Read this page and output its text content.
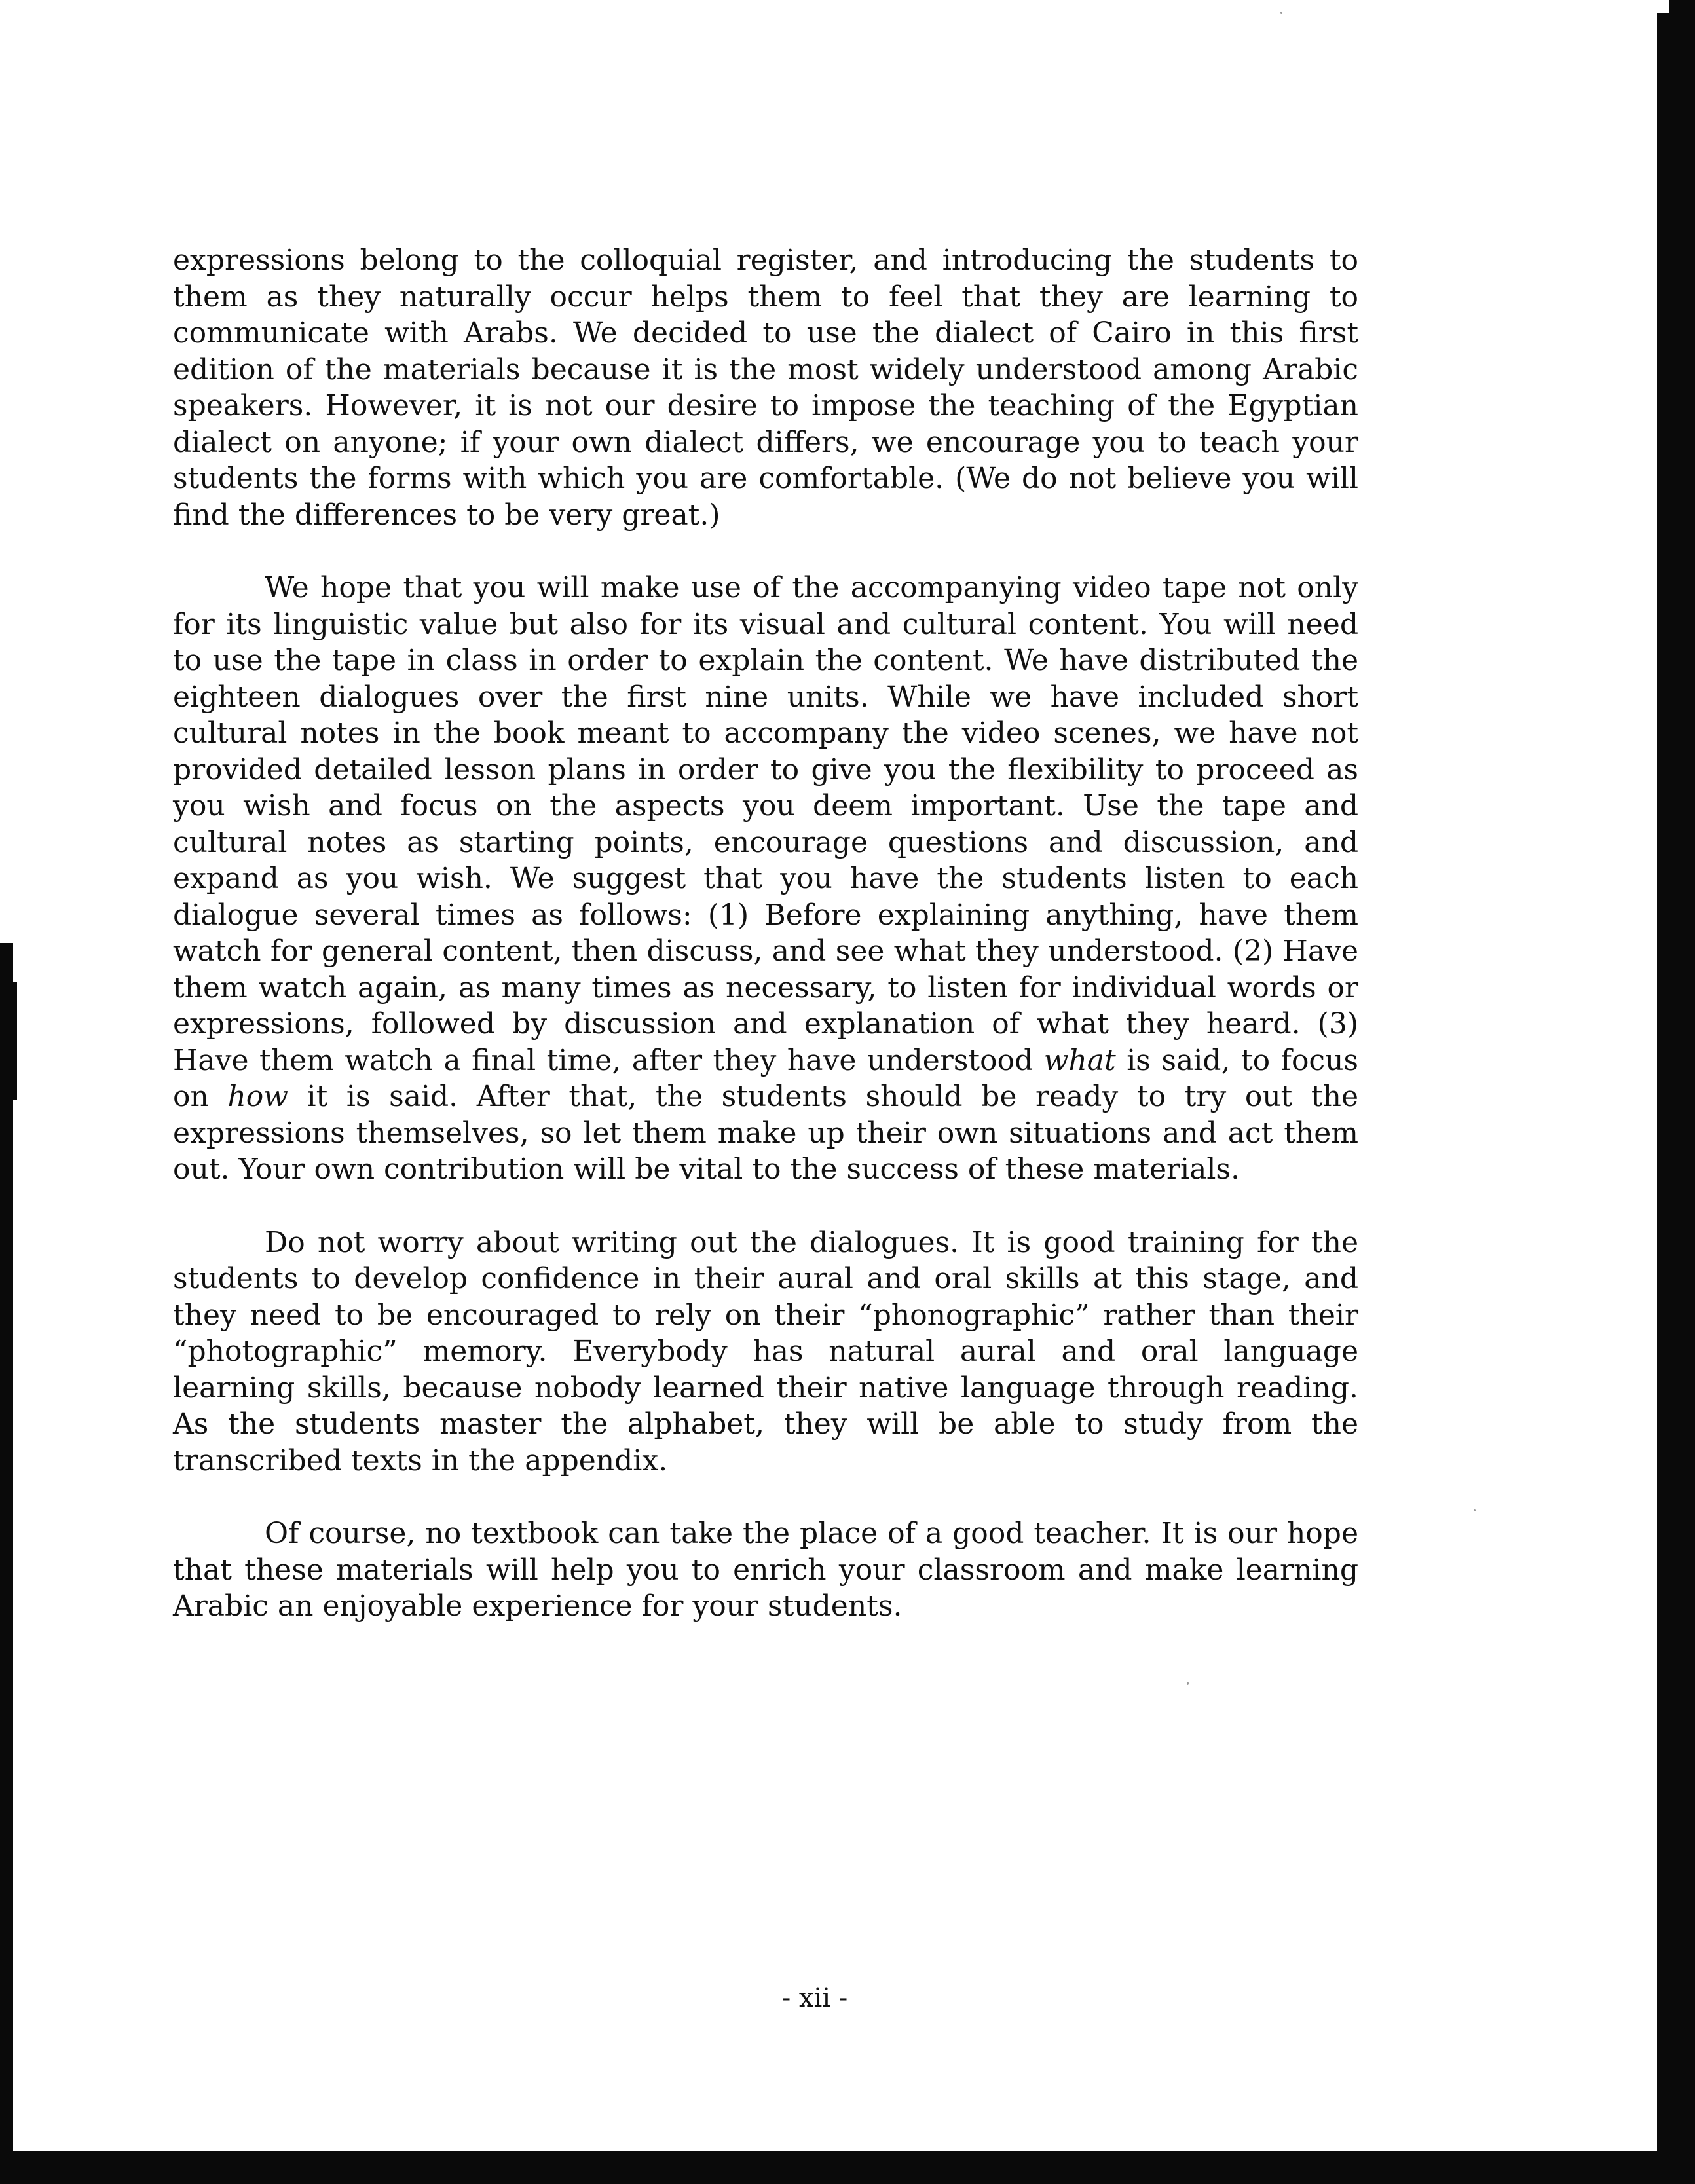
expressions belong to the colloquial register, and introducing the students to them as they naturally occur helps them to feel that they are learning to communicate with Arabs. We decided to use the dialect of Cairo in this first edition of the materials because it is the most widely understood among Arabic speakers. However, it is not our desire to impose the teaching of the Egyptian dialect on anyone; if your own dialect differs, we encourage you to teach your students the forms with which you are comfortable. (We do not believe you will find the differences to be very great.)

We hope that you will make use of the accompanying video tape not only for its linguistic value but also for its visual and cultural content. You will need to use the tape in class in order to explain the content. We have distributed the eighteen dialogues over the first nine units. While we have included short cultural notes in the book meant to accompany the video scenes, we have not provided detailed lesson plans in order to give you the flexibility to proceed as you wish and focus on the aspects you deem important. Use the tape and cultural notes as starting points, encourage questions and discussion, and expand as you wish. We suggest that you have the students listen to each dialogue several times as follows: (1) Before explaining anything, have them watch for general content, then discuss, and see what they understood. (2) Have them watch again, as many times as necessary, to listen for individual words or expressions, followed by discussion and explanation of what they heard. (3) Have them watch a final time, after they have understood what is said, to focus on how it is said. After that, the students should be ready to try out the expressions themselves, so let them make up their own situations and act them out. Your own contribution will be vital to the success of these materials.

Do not worry about writing out the dialogues. It is good training for the students to develop confidence in their aural and oral skills at this stage, and they need to be encouraged to rely on their “phonographic” rather than their “photographic” memory. Everybody has natural aural and oral language learning skills, because nobody learned their native language through reading. As the students master the alphabet, they will be able to study from the transcribed texts in the appendix.

Of course, no textbook can take the place of a good teacher. It is our hope that these materials will help you to enrich your classroom and make learning Arabic an enjoyable experience for your students.

- xii -
